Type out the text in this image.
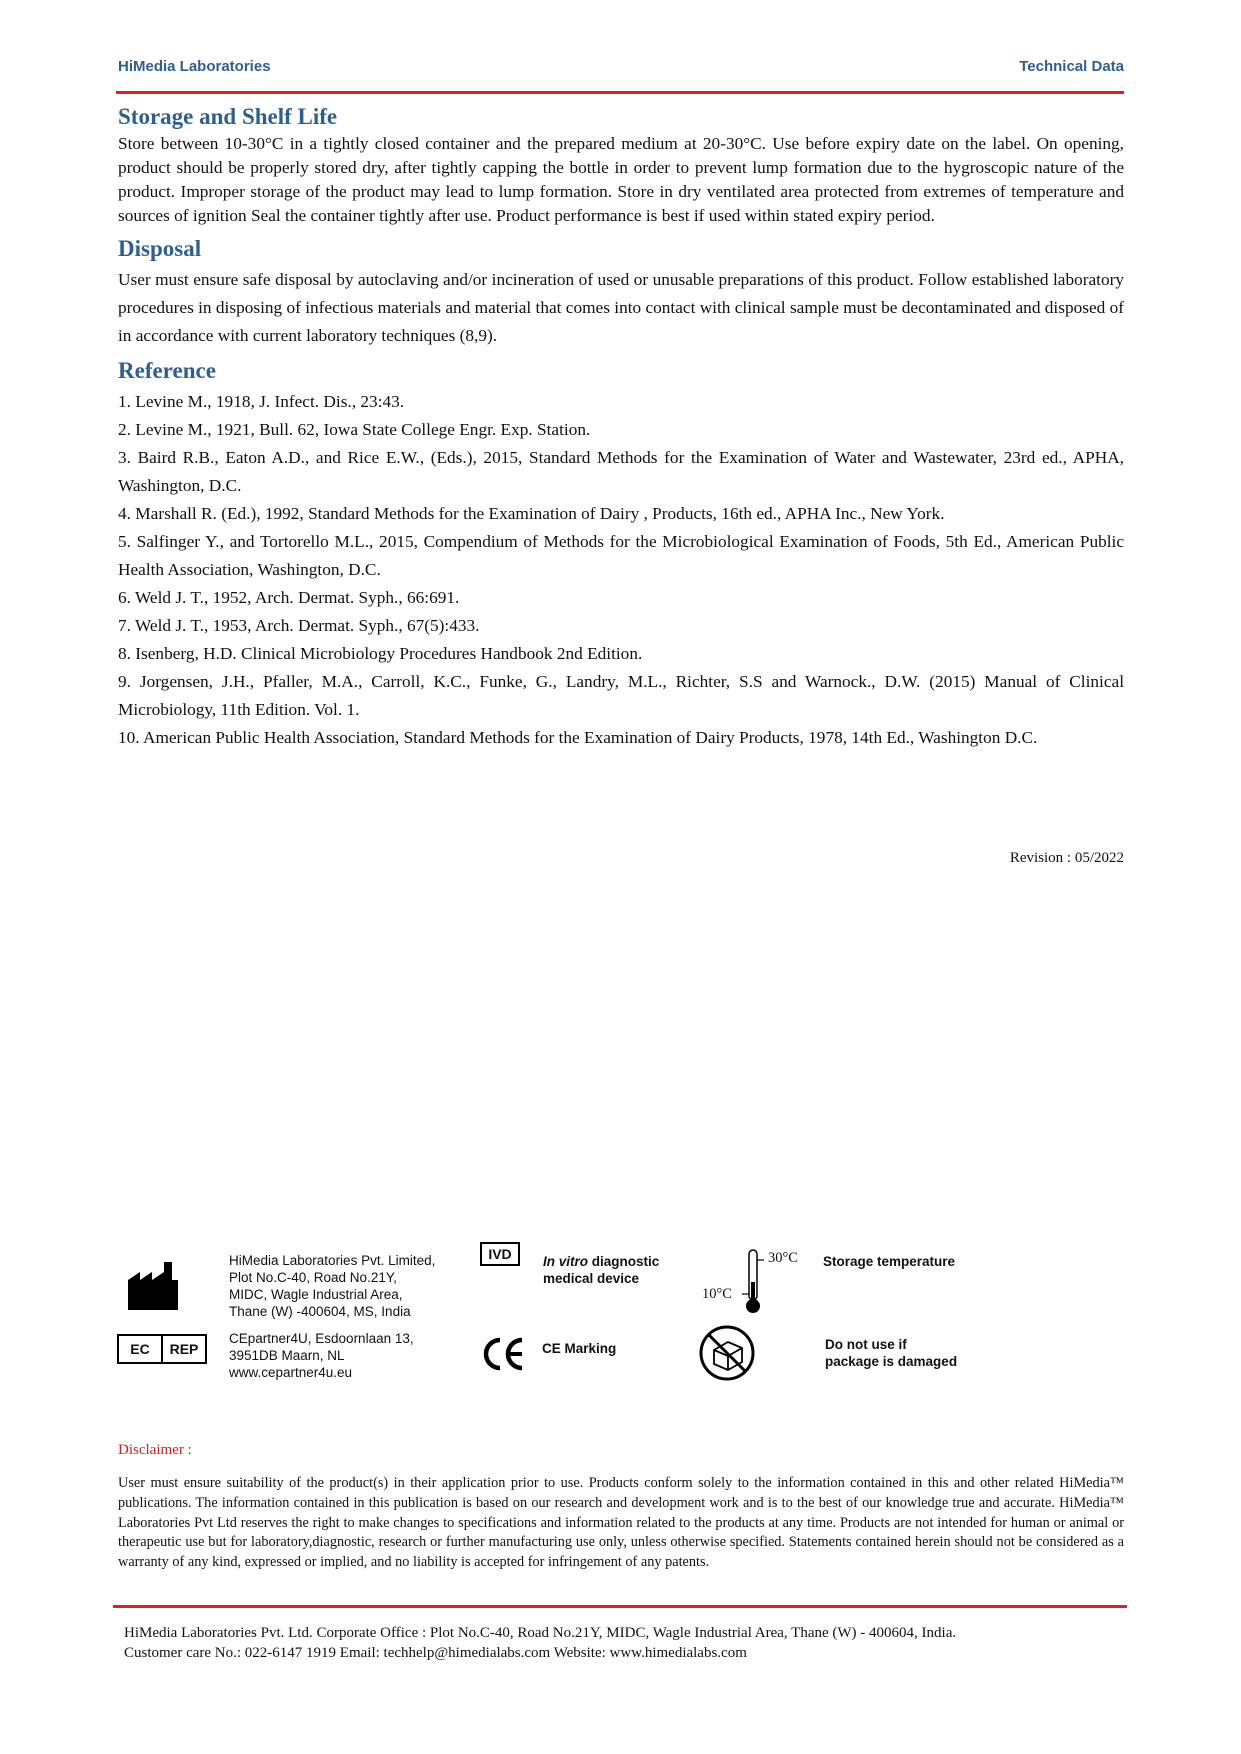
HiMedia Laboratories	Technical Data
Storage and Shelf Life

Store between 10-30°C in a tightly closed container and the prepared medium at 20-30°C. Use before expiry date on the label. On opening, product should be properly stored dry, after tightly capping the bottle in order to prevent lump formation due to the hygroscopic nature of the product. Improper storage of the product may lead to lump formation. Store in dry ventilated area protected from extremes of temperature and sources of ignition Seal the container tightly after use. Product performance is best if used within stated expiry period.

Disposal

User must ensure safe disposal by autoclaving and/or incineration of used or unusable preparations of this product. Follow established laboratory procedures in disposing of infectious materials and material that comes into contact with clinical sample must be decontaminated and disposed of in accordance with current laboratory techniques (8,9).

Reference
1. Levine M., 1918, J. Infect. Dis., 23:43.
2. Levine M., 1921, Bull. 62, Iowa State College Engr. Exp. Station.
3. Baird R.B., Eaton A.D., and Rice E.W., (Eds.), 2015, Standard Methods for the Examination of Water and Wastewater, 23rd ed., APHA, Washington, D.C.
4. Marshall R. (Ed.), 1992, Standard Methods for the Examination of Dairy , Products, 16th ed., APHA Inc., New York.
5. Salfinger Y., and Tortorello M.L., 2015, Compendium of Methods for the Microbiological Examination of Foods, 5th Ed., American Public Health Association, Washington, D.C.
6. Weld J. T., 1952, Arch. Dermat. Syph., 66:691.
7. Weld J. T., 1953, Arch. Dermat. Syph., 67(5):433.
8. Isenberg, H.D. Clinical Microbiology Procedures Handbook 2nd Edition.
9. Jorgensen, J.H., Pfaller, M.A., Carroll, K.C., Funke, G., Landry, M.L., Richter, S.S and Warnock., D.W. (2015) Manual of Clinical Microbiology, 11th Edition. Vol. 1.
10. American Public Health Association, Standard Methods for the Examination of Dairy Products, 1978, 14th Ed., Washington D.C.
Revision : 05/2022
HiMedia Laboratories Pvt. Limited,
Plot No.C-40, Road No.21Y,
MIDC, Wagle Industrial Area,
Thane (W) -400604, MS, India
IVD	In vitro diagnostic
medical device
30°C
10°C
Storage temperature
EC	REP
CEpartner4U, Esdoornlaan 13,
3951DB Maarn, NL
www.cepartner4u.eu
CE Marking	Do not use if
package is damaged
Disclaimer :

User must ensure suitability of the product(s) in their application prior to use. Products conform solely to the information contained in this and other related HiMedia™ publications. The information contained in this publication is based on our research and development work and is to the best of our knowledge true and accurate. HiMedia™ Laboratories Pvt Ltd reserves the right to make changes to specifications and information related to the products at any time. Products are not intended for human or animal or therapeutic use but for laboratory,diagnostic, research or further manufacturing use only, unless otherwise specified. Statements contained herein should not be considered as a warranty of any kind, expressed or implied, and no liability is accepted for infringement of any patents.

HiMedia Laboratories Pvt. Ltd. Corporate Office : Plot No.C-40, Road No.21Y, MIDC, Wagle Industrial Area, Thane (W) - 400604, India.
Customer care No.: 022-6147 1919 Email: techhelp@himedialabs.com Website: www.himedialabs.com
